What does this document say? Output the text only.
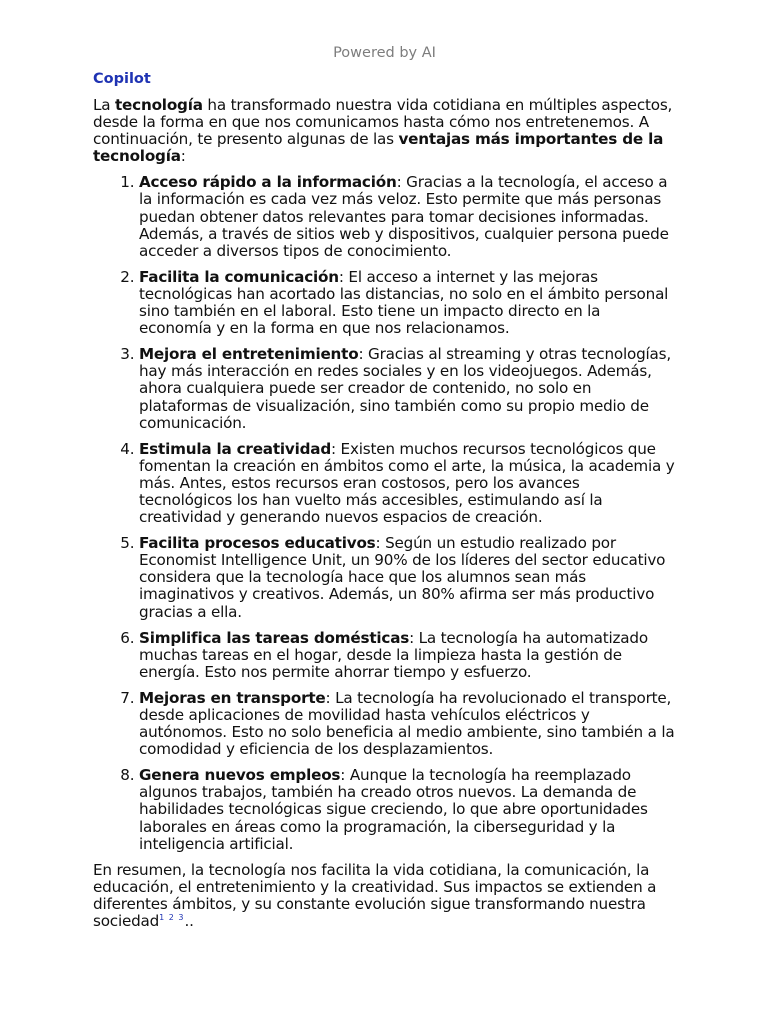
Powered by AI
Copilot

La tecnología ha transformado nuestra vida cotidiana en múltiples aspectos, desde la forma en que nos comunicamos hasta cómo nos entretenemos. A continuación, te presento algunas de las ventajas más importantes de la tecnología:

1. Acceso rápido a la información: Gracias a la tecnología, el acceso a la información es cada vez más veloz. Esto permite que más personas puedan obtener datos relevantes para tomar decisiones informadas. Además, a través de sitios web y dispositivos, cualquier persona puede acceder a diversos tipos de conocimiento.
2. Facilita la comunicación: El acceso a internet y las mejoras tecnológicas han acortado las distancias, no solo en el ámbito personal sino también en el laboral. Esto tiene un impacto directo en la economía y en la forma en que nos relacionamos.
3. Mejora el entretenimiento: Gracias al streaming y otras tecnologías, hay más interacción en redes sociales y en los videojuegos. Además, ahora cualquiera puede ser creador de contenido, no solo en plataformas de visualización, sino también como su propio medio de comunicación.
4. Estimula la creatividad: Existen muchos recursos tecnológicos que fomentan la creación en ámbitos como el arte, la música, la academia y más. Antes, estos recursos eran costosos, pero los avances tecnológicos los han vuelto más accesibles, estimulando así la creatividad y generando nuevos espacios de creación.
5. Facilita procesos educativos: Según un estudio realizado por Economist Intelligence Unit, un 90% de los líderes del sector educativo considera que la tecnología hace que los alumnos sean más imaginativos y creativos. Además, un 80% afirma ser más productivo gracias a ella.
6. Simplifica las tareas domésticas: La tecnología ha automatizado muchas tareas en el hogar, desde la limpieza hasta la gestión de energía. Esto nos permite ahorrar tiempo y esfuerzo.
7. Mejoras en transporte: La tecnología ha revolucionado el transporte, desde aplicaciones de movilidad hasta vehículos eléctricos y autónomos. Esto no solo beneficia al medio ambiente, sino también a la comodidad y eficiencia de los desplazamientos.
8. Genera nuevos empleos: Aunque la tecnología ha reemplazado algunos trabajos, también ha creado otros nuevos. La demanda de habilidades tecnológicas sigue creciendo, lo que abre oportunidades laborales en áreas como la programación, la ciberseguridad y la inteligencia artificial.

En resumen, la tecnología nos facilita la vida cotidiana, la comunicación, la educación, el entretenimiento y la creatividad. Sus impactos se extienden a diferentes ámbitos, y su constante evolución sigue transformando nuestra sociedad$^{1 2 3}$..
